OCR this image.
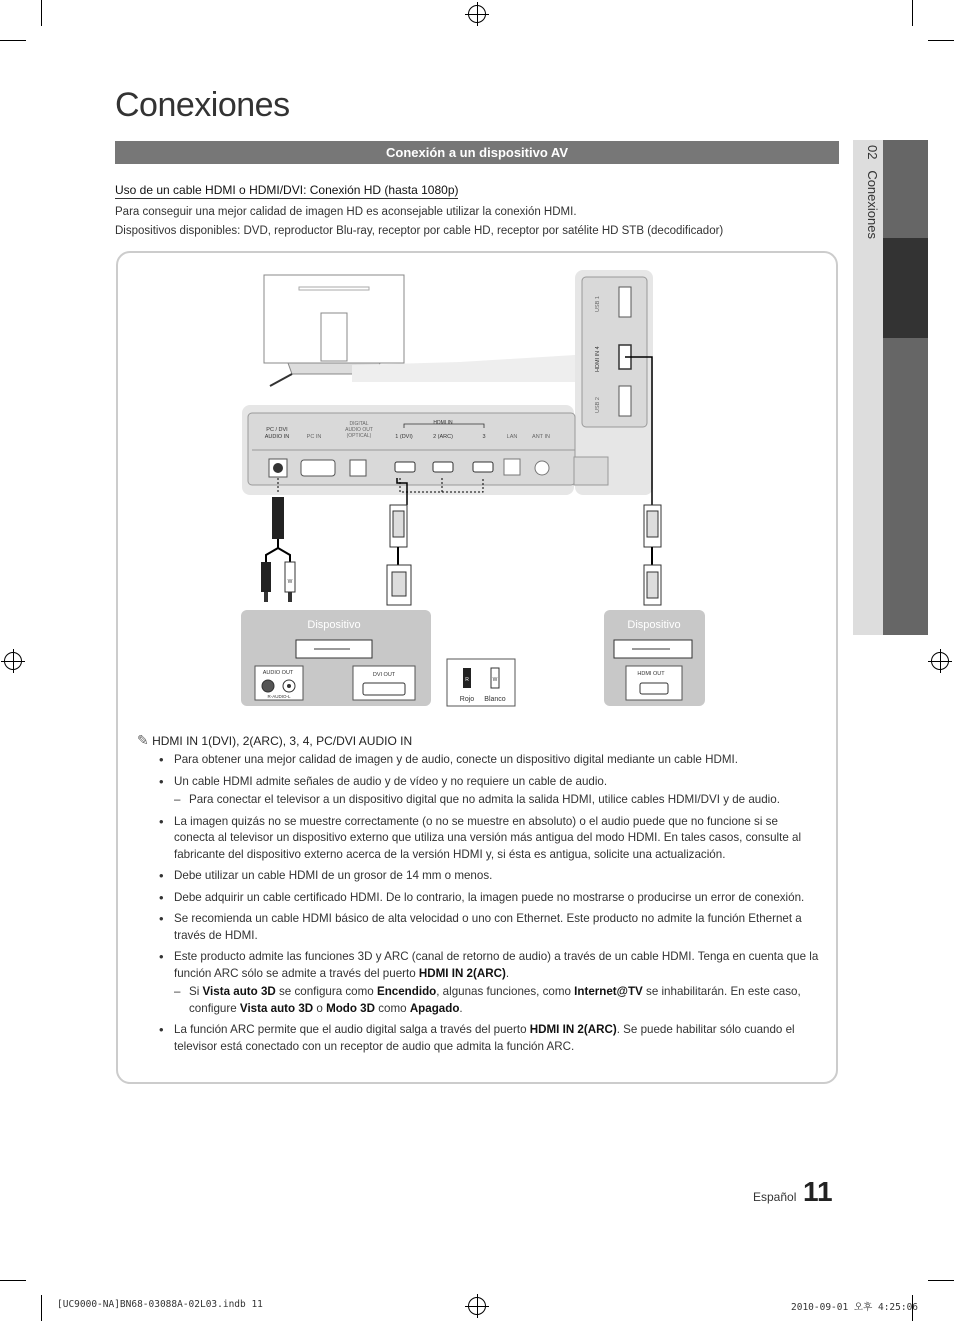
02   Conexiones
Conexiones
Conexión a un dispositivo AV
Uso de un cable HDMI o HDMI/DVI: Conexión HD (hasta 1080p)
Para conseguir una mejor calidad de imagen HD es aconsejable utilizar la conexión HDMI.
Dispositivos disponibles: DVD, reproductor Blu-ray, receptor por cable HD, receptor por satélite HD STB (decodificador)
PC / DVI
AUDIO IN	PC IN
DIGITAL
AUDIO OUT
(OPTICAL)
HDMI IN
1 (DVI)	2 (ARC)	3	LAN	ANT IN
USB 1
HDMI IN 4
USB 2
W
Dispositivo
AUDIO OUT
R-AUDIO-L
DVI OUT
R	W
Rojo Blanco
Dispositivo
HDMI OUT
✎ HDMI IN 1(DVI), 2(ARC), 3, 4, PC/DVI AUDIO IN
• Para obtener una mejor calidad de imagen y de audio, conecte un dispositivo digital mediante un cable HDMI.
• Un cable HDMI admite señales de audio y de vídeo y no requiere un cable de audio.
– Para conectar el televisor a un dispositivo digital que no admita la salida HDMI, utilice cables HDMI/DVI y de audio.
• La imagen quizás no se muestre correctamente (o no se muestre en absoluto) o el audio puede que no funcione si se conecta al televisor un dispositivo externo que utiliza una versión más antigua del modo HDMI. En tales casos, consulte al fabricante del dispositivo externo acerca de la versión HDMI y, si ésta es antigua, solicite una actualización.
• Debe utilizar un cable HDMI de un grosor de 14 mm o menos.
• Debe adquirir un cable certificado HDMI. De lo contrario, la imagen puede no mostrarse o producirse un error de conexión.
• Se recomienda un cable HDMI básico de alta velocidad o uno con Ethernet. Este producto no admite la función Ethernet a través de HDMI.
• Este producto admite las funciones 3D y ARC (canal de retorno de audio) a través de un cable HDMI. Tenga en cuenta que la función ARC sólo se admite a través del puerto HDMI IN 2(ARC).
– Si Vista auto 3D se configura como Encendido, algunas funciones, como Internet@TV se inhabilitarán. En este caso, configure Vista auto 3D o Modo 3D como Apagado.
• La función ARC permite que el audio digital salga a través del puerto HDMI IN 2(ARC). Se puede habilitar sólo cuando el televisor está conectado con un receptor de audio que admita la función ARC.
Español 11
[UC9000-NA]BN68-03088A-02L03.indb 11	2010-09-01 오후 4:25:06
